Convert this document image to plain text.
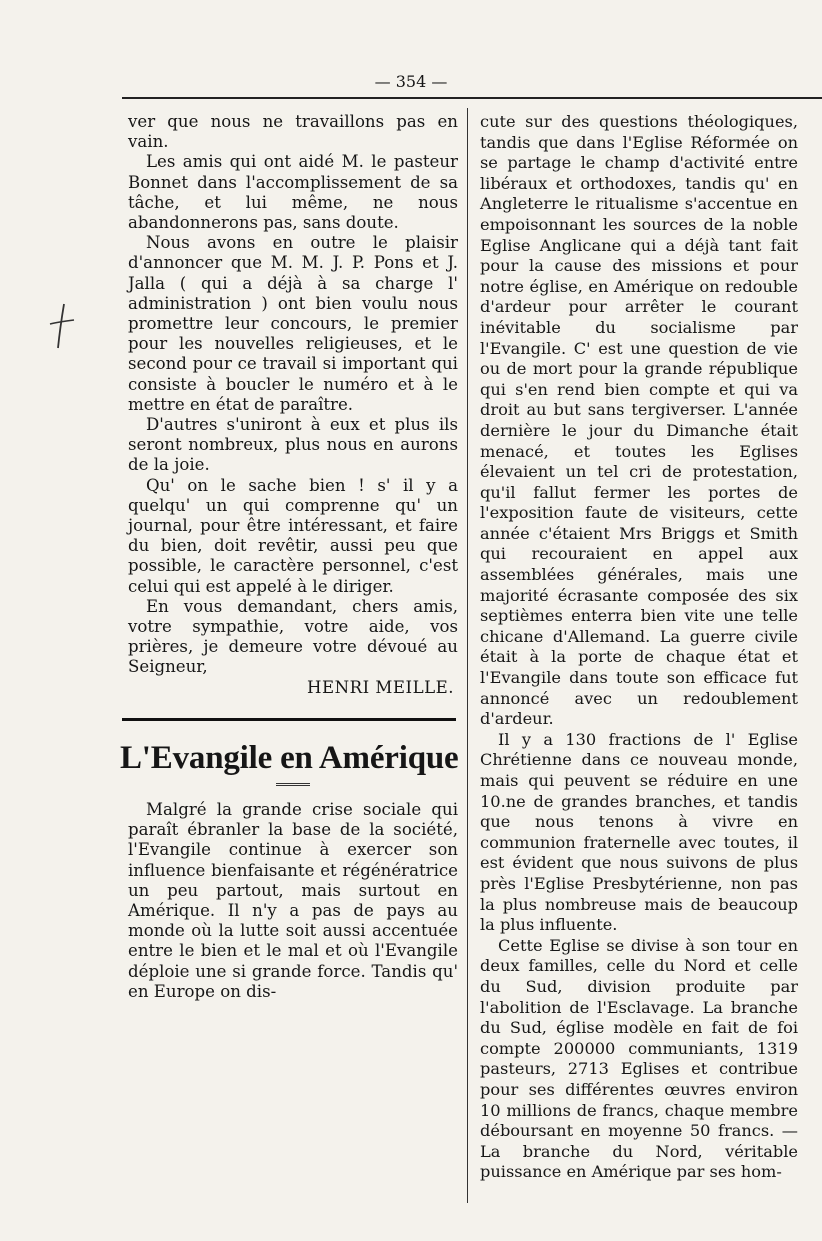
— 354 —

ver que nous ne travaillons pas en vain.

Les amis qui ont aidé M. le pasteur Bonnet dans l'accomplissement de sa tâche, et lui même, ne nous abandonnerons pas, sans doute.

Nous avons en outre le plaisir d'annoncer que M. M. J. P. Pons et J. Jalla ( qui a déjà à sa charge l' administration ) ont bien voulu nous promettre leur concours, le premier pour les nouvelles religieuses, et le second pour ce travail si important qui consiste à boucler le numéro et à le mettre en état de paraître.

D'autres s'uniront à eux et plus ils seront nombreux, plus nous en aurons de la joie.

Qu' on le sache bien ! s' il y a quelqu' un qui comprenne qu' un journal, pour être intéressant, et faire du bien, doit revêtir, aussi peu que possible, le caractère personnel, c'est celui qui est appelé à le diriger.

En vous demandant, chers amis, votre sympathie, votre aide, vos prières, je demeure votre dévoué au Seigneur,

HENRI MEILLE.

L'Evangile en Amérique

Malgré la grande crise sociale qui paraît ébranler la base de la société, l'Evangile continue à exercer son influence bienfaisante et régénératrice un peu partout, mais surtout en Amérique. Il n'y a pas de pays au monde où la lutte soit aussi accentuée entre le bien et le mal et où l'Evangile déploie une si grande force. Tandis qu' en Europe on dis-

cute sur des questions théologiques, tandis que dans l'Eglise Réformée on se partage le champ d'activité entre libéraux et orthodoxes, tandis qu' en Angleterre le ritualisme s'accentue en empoisonnant les sources de la noble Eglise Anglicane qui a déjà tant fait pour la cause des missions et pour notre église, en Amérique on redouble d'ardeur pour arrêter le courant inévitable du socialisme par l'Evangile. C' est une question de vie ou de mort pour la grande république qui s'en rend bien compte et qui va droit au but sans tergiverser. L'année dernière le jour du Dimanche était menacé, et toutes les Eglises élevaient un tel cri de protestation, qu'il fallut fermer les portes de l'exposition faute de visiteurs, cette année c'étaient Mrs Briggs et Smith qui recouraient en appel aux assemblées générales, mais une majorité écrasante composée des six septièmes enterra bien vite une telle chicane d'Allemand. La guerre civile était à la porte de chaque état et l'Evangile dans toute son efficace fut annoncé avec un redoublement d'ardeur.

Il y a 130 fractions de l' Eglise Chrétienne dans ce nouveau monde, mais qui peuvent se réduire en une 10.ne de grandes branches, et tandis que nous tenons à vivre en communion fraternelle avec toutes, il est évident que nous suivons de plus près l'Eglise Presbytérienne, non pas la plus nombreuse mais de beaucoup la plus influente.

Cette Eglise se divise à son tour en deux familles, celle du Nord et celle du Sud, division produite par l'abolition de l'Esclavage. La branche du Sud, église modèle en fait de foi compte 200000 communiants, 1319 pasteurs, 2713 Eglises et contribue pour ses différentes œuvres environ 10 millions de francs, chaque membre déboursant en moyenne 50 francs. — La branche du Nord, véritable puissance en Amérique par ses hom-
